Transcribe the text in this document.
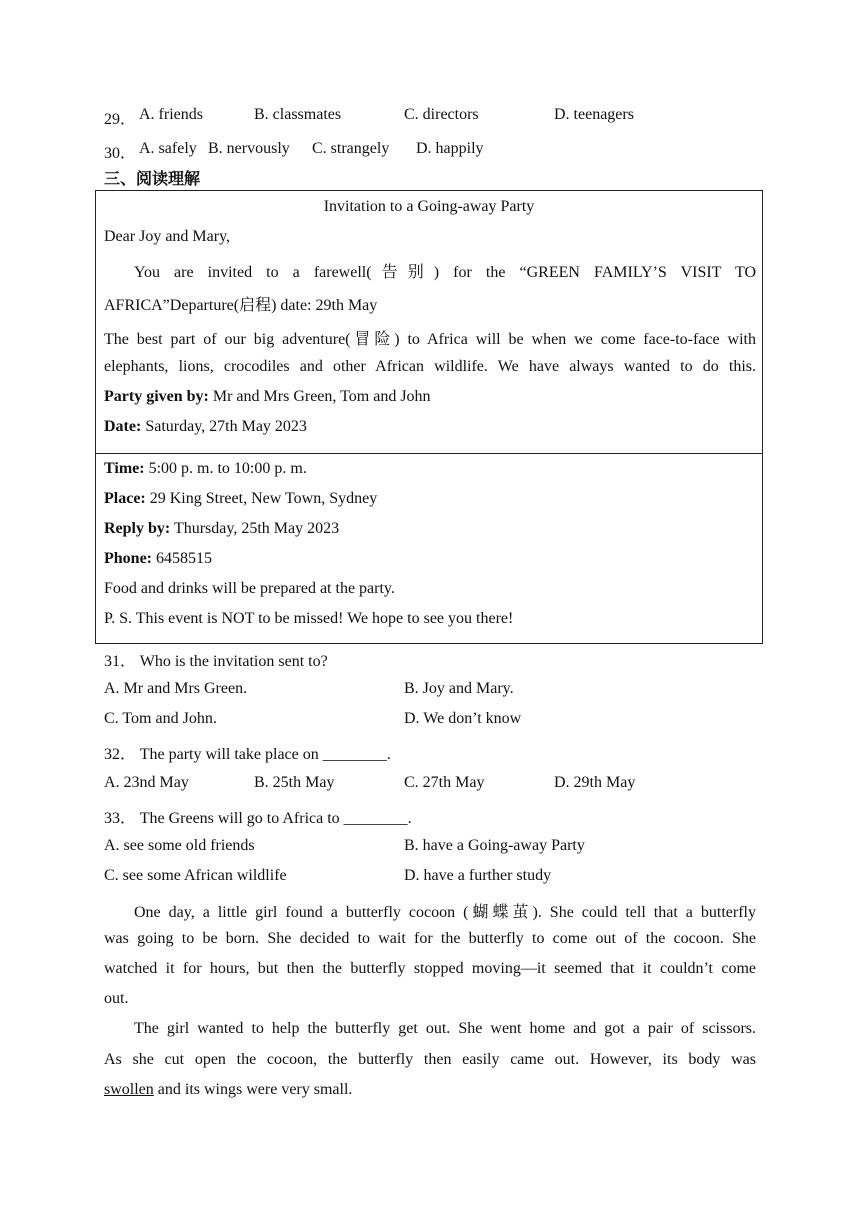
29． A. friends	B. classmates	C. directors	D. teenagers
30． A. safely B. nervously C. strangely D. happily
三、阅读理解
Invitation to a Going-away Party
Dear Joy and Mary,
You are invited to a farewell(告别) for the “GREEN FAMILY’S VISIT TO
AFRICA”Departure(启程) date: 29th May
The best part of our big adventure(冒险) to Africa will be when we come face-to-face with
elephants, lions, crocodiles and other African wildlife. We have always wanted to do this.
Party given by: Mr and Mrs Green, Tom and John
Date: Saturday, 27th May 2023
Time: 5:00 p. m. to 10:00 p. m.
Place: 29 King Street, New Town, Sydney
Reply by: Thursday, 25th May 2023
Phone: 6458515
Food and drinks will be prepared at the party.
P. S. This event is NOT to be missed! We hope to see you there!
31． Who is the invitation sent to?
A. Mr and Mrs Green.	B. Joy and Mary.
C. Tom and John.	D. We don’t know
32． The party will take place on ________.
A. 23nd May	B. 25th May	C. 27th May	D. 29th May
33． The Greens will go to Africa to ________.
A. see some old friends	B. have a Going-away Party
C. see some African wildlife	D. have a further study
One day, a little girl found a butterfly cocoon (蝴蝶茧). She could tell that a butterfly
was going to be born. She decided to wait for the butterfly to come out of the cocoon. She
watched it for hours, but then the butterfly stopped moving—it seemed that it couldn’t come
out.
The girl wanted to help the butterfly get out. She went home and got a pair of scissors.
As she cut open the cocoon, the butterfly then easily came out. However, its body was
swollen and its wings were very small.
